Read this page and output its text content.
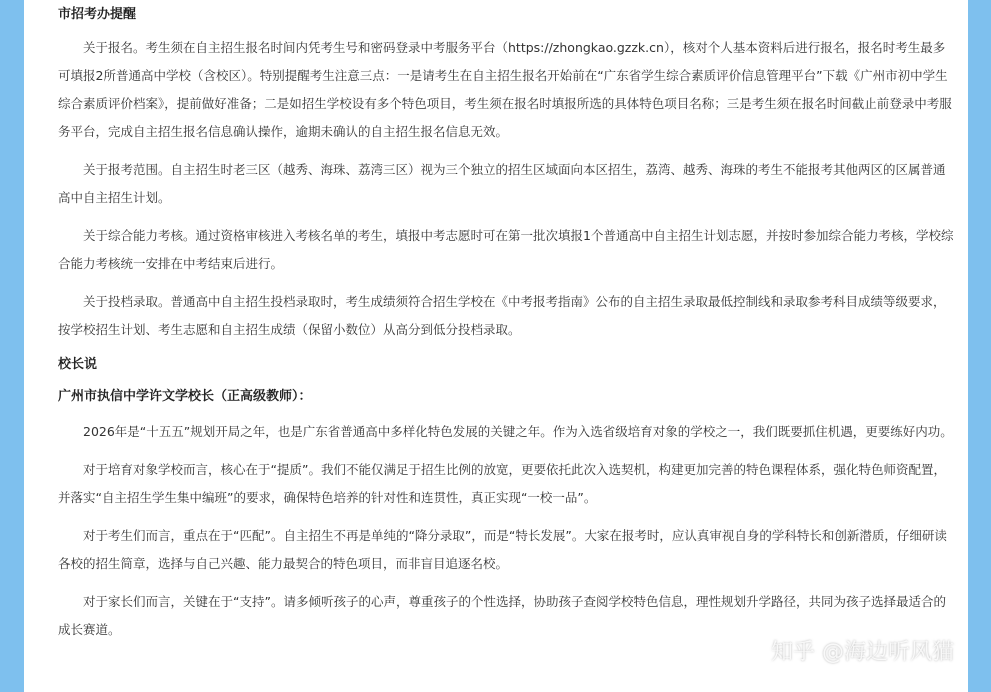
市招考办提醒

关于报名。考生须在自主招生报名时间内凭考生号和密码登录中考服务平台（https://zhongkao.gzzk.cn），核对个人基本资料后进行报名，报名时考生最多可填报2所普通高中学校（含校区）。特别提醒考生注意三点：一是请考生在自主招生报名开始前在“广东省学生综合素质评价信息管理平台”下载《广州市初中学生综合素质评价档案》，提前做好准备；二是如招生学校设有多个特色项目，考生须在报名时填报所选的具体特色项目名称；三是考生须在报名时间截止前登录中考服务平台，完成自主招生报名信息确认操作，逾期未确认的自主招生报名信息无效。

关于报考范围。自主招生时老三区（越秀、海珠、荔湾三区）视为三个独立的招生区域面向本区招生，荔湾、越秀、海珠的考生不能报考其他两区的区属普通高中自主招生计划。

关于综合能力考核。通过资格审核进入考核名单的考生，填报中考志愿时可在第一批次填报1个普通高中自主招生计划志愿，并按时参加综合能力考核，学校综合能力考核统一安排在中考结束后进行。

关于投档录取。普通高中自主招生投档录取时，考生成绩须符合招生学校在《中考报考指南》公布的自主招生录取最低控制线和录取参考科目成绩等级要求，按学校招生计划、考生志愿和自主招生成绩（保留小数位）从高分到低分投档录取。

校长说
广州市执信中学许文学校长（正高级教师）：

2026年是“十五五”规划开局之年，也是广东省普通高中多样化特色发展的关键之年。作为入选省级培育对象的学校之一，我们既要抓住机遇，更要练好内功。

对于培育对象学校而言，核心在于“提质”。我们不能仅满足于招生比例的放宽，更要依托此次入选契机，构建更加完善的特色课程体系，强化特色师资配置，并落实“自主招生学生集中编班”的要求，确保特色培养的针对性和连贯性，真正实现“一校一品”。

对于考生们而言，重点在于“匹配”。自主招生不再是单纯的“降分录取”，而是“特长发展”。大家在报考时，应认真审视自身的学科特长和创新潜质，仔细研读各校的招生简章，选择与自己兴趣、能力最契合的特色项目，而非盲目追逐名校。

对于家长们而言，关键在于“支持”。请多倾听孩子的心声，尊重孩子的个性选择，协助孩子查阅学校特色信息，理性规划升学路径，共同为孩子选择最适合的成长赛道。

知乎 @海边听风猫
